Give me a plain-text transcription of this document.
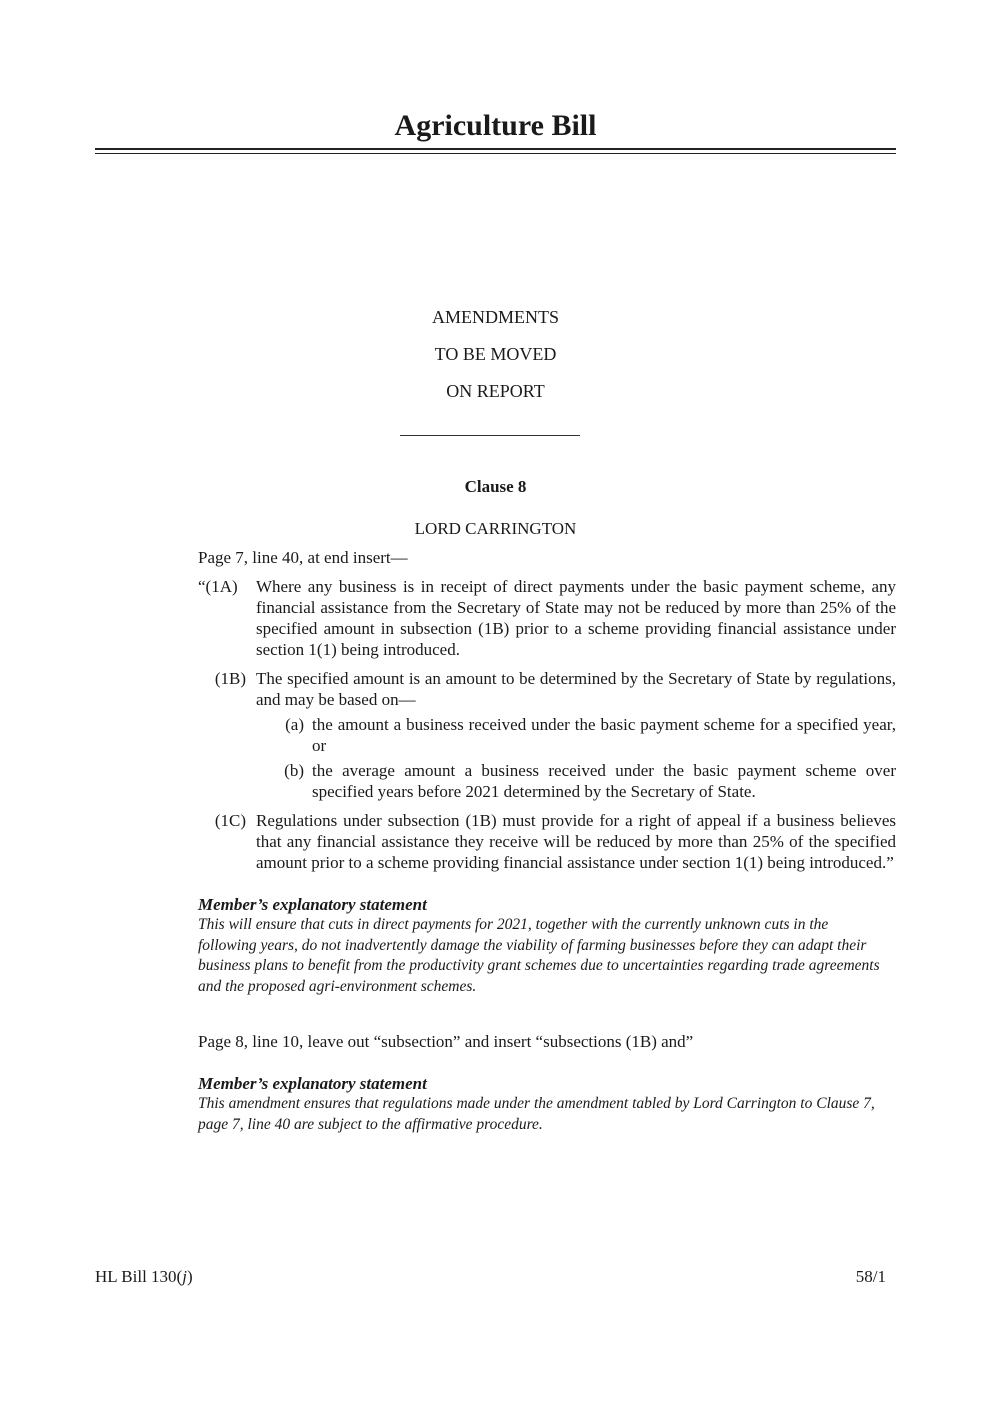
Agriculture Bill
AMENDMENTS
TO BE MOVED
ON REPORT
Clause 8
LORD CARRINGTON

Page 7, line 40, at end insert—

“(1A) Where any business is in receipt of direct payments under the basic payment scheme, any financial assistance from the Secretary of State may not be reduced by more than 25% of the specified amount in subsection (1B) prior to a scheme providing financial assistance under section 1(1) being introduced.
(1B) The specified amount is an amount to be determined by the Secretary of State by regulations, and may be based on—
(a) the amount a business received under the basic payment scheme for a specified year, or
(b) the average amount a business received under the basic payment scheme over specified years before 2021 determined by the Secretary of State.
(1C) Regulations under subsection (1B) must provide for a right of appeal if a business believes that any financial assistance they receive will be reduced by more than 25% of the specified amount prior to a scheme providing financial assistance under section 1(1) being introduced.”

Member’s explanatory statement

This will ensure that cuts in direct payments for 2021, together with the currently unknown cuts in the following years, do not inadvertently damage the viability of farming businesses before they can adapt their business plans to benefit from the productivity grant schemes due to uncertainties regarding trade agreements and the proposed agri-environment schemes.

Page 8, line 10, leave out “subsection” and insert “subsections (1B) and”

Member’s explanatory statement

This amendment ensures that regulations made under the amendment tabled by Lord Carrington to Clause 7, page 7, line 40 are subject to the affirmative procedure.

HL Bill 130(j)	58/1
